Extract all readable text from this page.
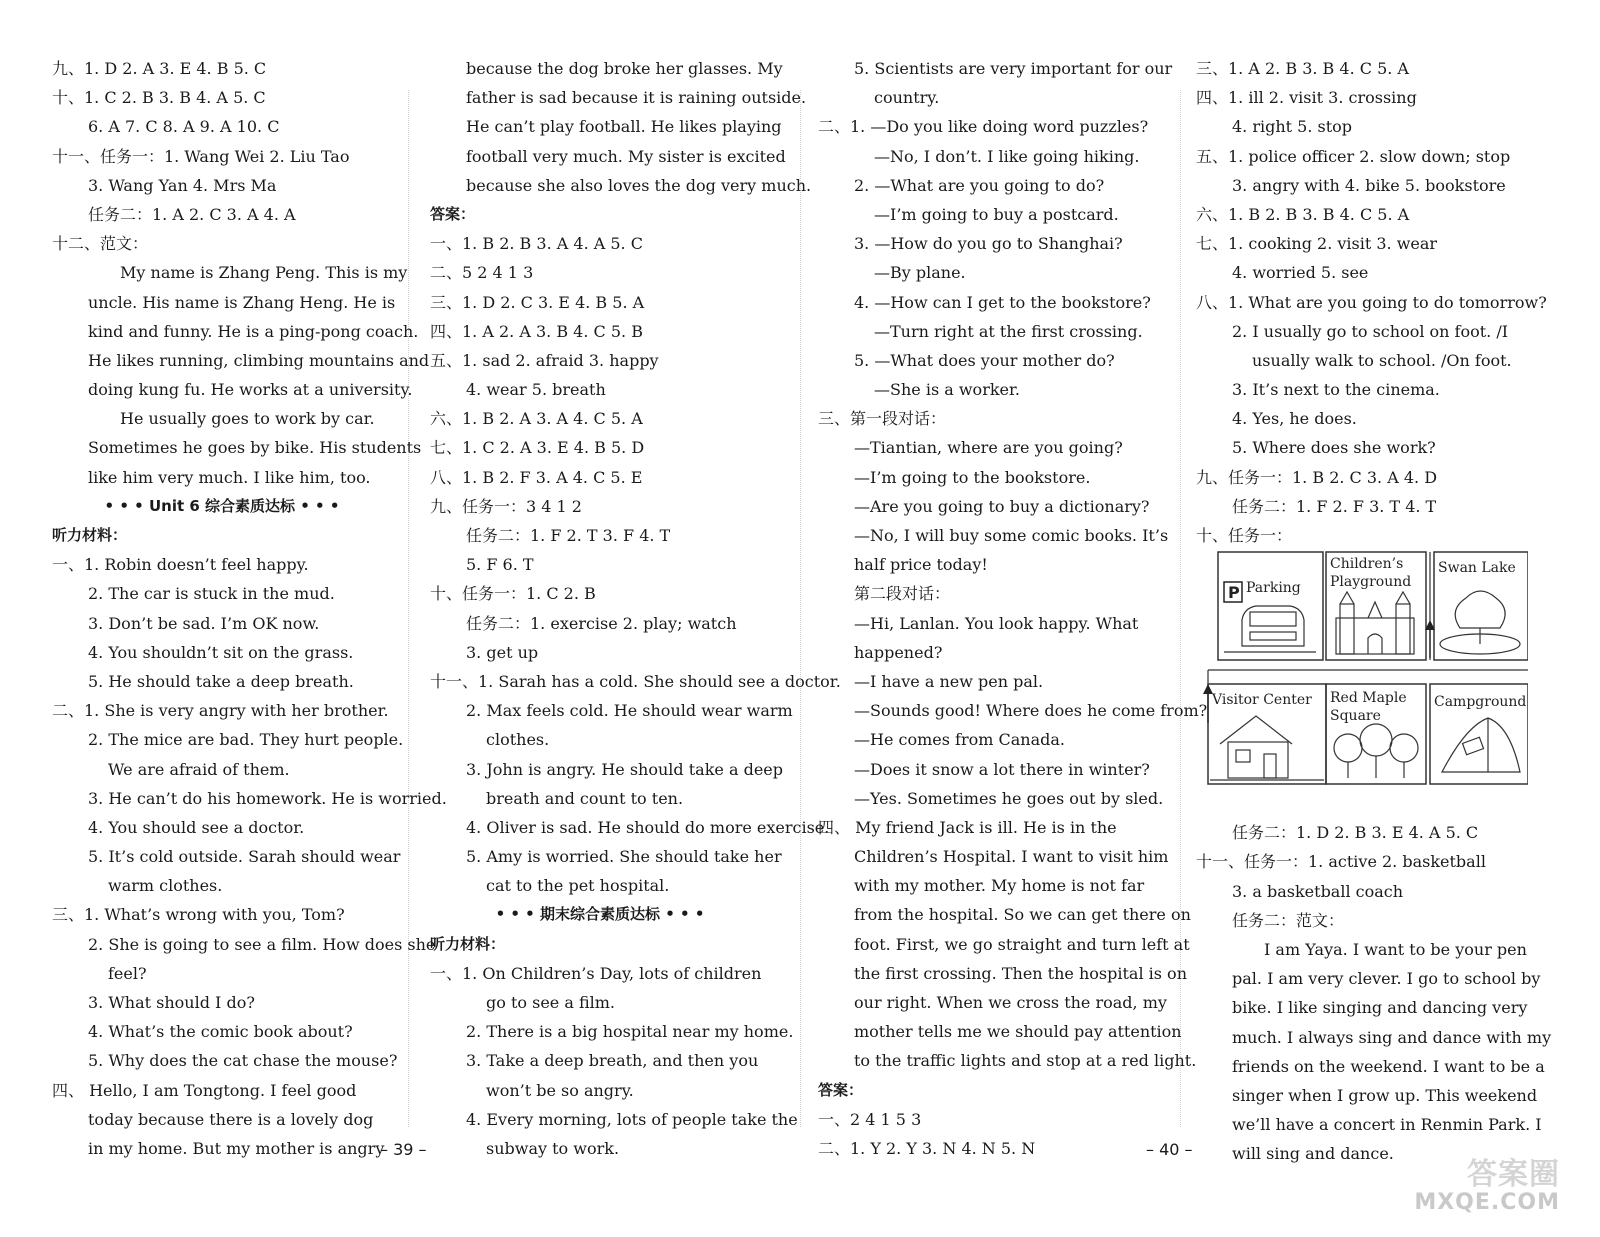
九、1. D 2. A 3. E 4. B 5. C
十、1. C 2. B 3. B 4. A 5. C
6. A 7. C 8. A 9. A 10. C
十一、任务一：1. Wang Wei 2. Liu Tao
3. Wang Yan 4. Mrs Ma
任务二：1. A 2. C 3. A 4. A
十二、范文：
My name is Zhang Peng. This is my
uncle. His name is Zhang Heng. He is
kind and funny. He is a ping-pong coach.
He likes running, climbing mountains and
doing kung fu. He works at a university.
He usually goes to work by car.
Sometimes he goes by bike. His students
like him very much. I like him, too.
• • • Unit 6 综合素质达标 • • •
听力材料：
一、1. Robin doesn’t feel happy.
2. The car is stuck in the mud.
3. Don’t be sad. I’m OK now.
4. You shouldn’t sit on the grass.
5. He should take a deep breath.
二、1. She is very angry with her brother.
2. The mice are bad. They hurt people.
We are afraid of them.
3. He can’t do his homework. He is worried.
4. You should see a doctor.
5. It’s cold outside. Sarah should wear
warm clothes.
三、1. What’s wrong with you, Tom?
2. She is going to see a film. How does she
feel?
3. What should I do?
4. What’s the comic book about?
5. Why does the cat chase the mouse?
四、 Hello, I am Tongtong. I feel good
today because there is a lovely dog
in my home. But my mother is angry
because the dog broke her glasses. My
father is sad because it is raining outside.
He can’t play football. He likes playing
football very much. My sister is excited
because she also loves the dog very much.
答案：
一、1. B 2. B 3. A 4. A 5. C
二、5 2 4 1 3
三、1. D 2. C 3. E 4. B 5. A
四、1. A 2. A 3. B 4. C 5. B
五、1. sad 2. afraid 3. happy
4. wear 5. breath
六、1. B 2. A 3. A 4. C 5. A
七、1. C 2. A 3. E 4. B 5. D
八、1. B 2. F 3. A 4. C 5. E
九、任务一：3 4 1 2
任务二：1. F 2. T 3. F 4. T
5. F 6. T
十、任务一：1. C 2. B
任务二：1. exercise 2. play; watch
3. get up
十一、1. Sarah has a cold. She should see a doctor.
2. Max feels cold. He should wear warm
clothes.
3. John is angry. He should take a deep
breath and count to ten.
4. Oliver is sad. He should do more exercise.
5. Amy is worried. She should take her
cat to the pet hospital.
• • • 期末综合素质达标 • • •
听力材料：
一、1. On Children’s Day, lots of children
go to see a film.
2. There is a big hospital near my home.
3. Take a deep breath, and then you
won’t be so angry.
4. Every morning, lots of people take the
subway to work.
5. Scientists are very important for our
country.
二、1. —Do you like doing word puzzles?
—No, I don’t. I like going hiking.
2. —What are you going to do?
—I’m going to buy a postcard.
3. —How do you go to Shanghai?
—By plane.
4. —How can I get to the bookstore?
—Turn right at the first crossing.
5. —What does your mother do?
—She is a worker.
三、第一段对话：
—Tiantian, where are you going?
—I’m going to the bookstore.
—Are you going to buy a dictionary?
—No, I will buy some comic books. It’s
half price today!
第二段对话：
—Hi, Lanlan. You look happy. What
happened?
—I have a new pen pal.
—Sounds good! Where does he come from?
—He comes from Canada.
—Does it snow a lot there in winter?
—Yes. Sometimes he goes out by sled.
四、 My friend Jack is ill. He is in the
Children’s Hospital. I want to visit him
with my mother. My home is not far
from the hospital. So we can get there on
foot. First, we go straight and turn left at
the first crossing. Then the hospital is on
our right. When we cross the road, my
mother tells me we should pay attention
to the traffic lights and stop at a red light.
答案：
一、2 4 1 5 3
二、1. Y 2. Y 3. N 4. N 5. N
三、1. A 2. B 3. B 4. C 5. A
四、1. ill 2. visit 3. crossing
4. right 5. stop
五、1. police officer 2. slow down; stop
3. angry with 4. bike 5. bookstore
六、1. B 2. B 3. B 4. C 5. A
七、1. cooking 2. visit 3. wear
4. worried 5. see
八、1. What are you going to do tomorrow?
2. I usually go to school on foot. /I
usually walk to school. /On foot.
3. It’s next to the cinema.
4. Yes, he does.
5. Where does she work?
九、任务一：1. B 2. C 3. A 4. D
任务二：1. F 2. F 3. T 4. T
十、任务一：
任务二：1. D 2. B 3. E 4. A 5. C
十一、任务一：1. active 2. basketball
3. a basketball coach
任务二：范文：
I am Yaya. I want to be your pen
pal. I am very clever. I go to school by
bike. I like singing and dancing very
much. I always sing and dance with my
friends on the weekend. I want to be a
singer when I grow up. This weekend
we’ll have a concert in Renmin Park. I
will sing and dance.
P Parking
Children’s
Playground
Swan Lake
Visitor Center Red Maple
Square
Campground
– 39 –	– 40 –
答案圈
MXQE.COM
